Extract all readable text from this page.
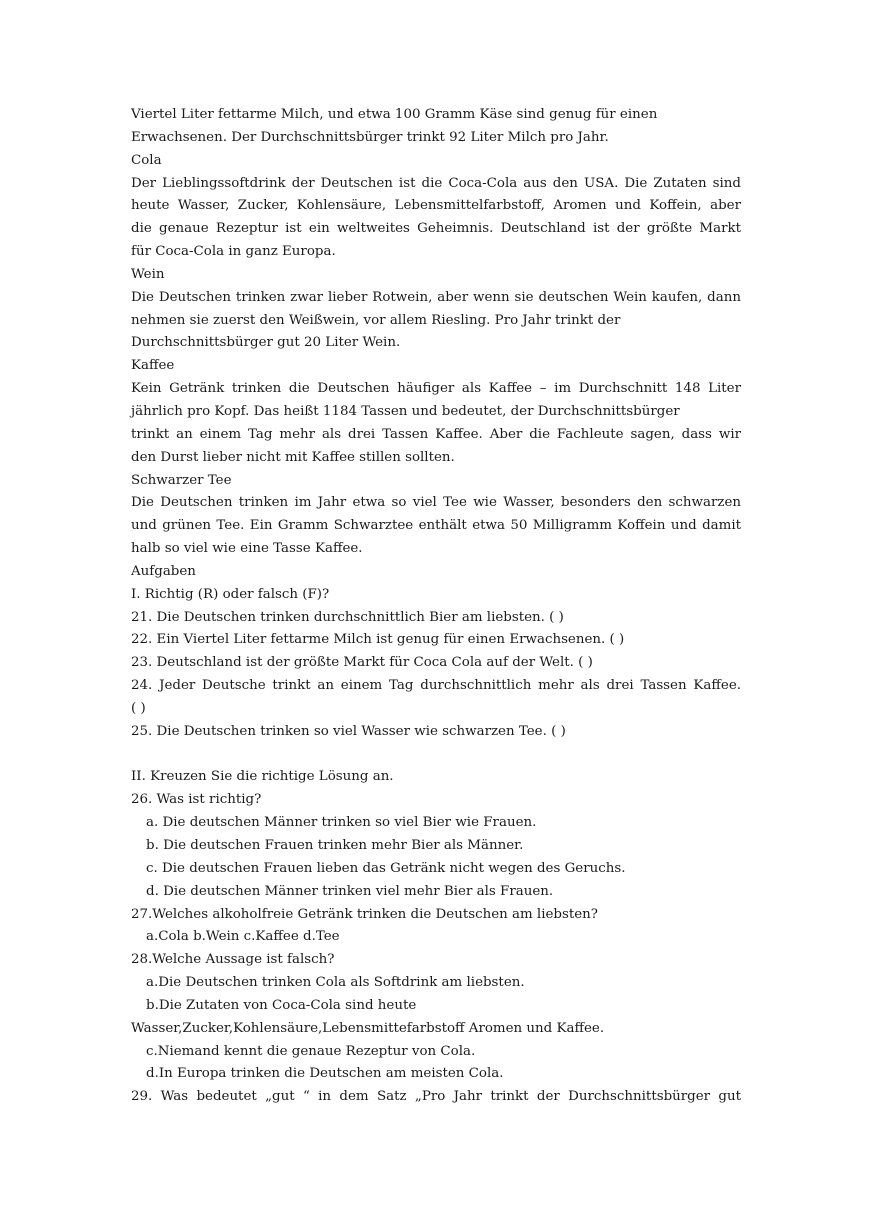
Viertel Liter fettarme Milch, und etwa 100 Gramm Käse sind genug für einen
Erwachsenen. Der Durchschnittsbürger trinkt 92 Liter Milch pro Jahr.
Cola
Der Lieblingssoftdrink der Deutschen ist die Coca-Cola aus den USA. Die Zutaten sind
heute Wasser, Zucker, Kohlensäure, Lebensmittelfarbstoff, Aromen und Koffein, aber
die genaue Rezeptur ist ein weltweites Geheimnis. Deutschland ist der größte Markt
für Coca-Cola in ganz Europa.
Wein
Die Deutschen trinken zwar lieber Rotwein, aber wenn sie deutschen Wein kaufen, dann
nehmen sie zuerst den Weißwein, vor allem Riesling. Pro Jahr trinkt der
Durchschnittsbürger gut 20 Liter Wein.
Kaffee
Kein Getränk trinken die Deutschen häufiger als Kaffee – im Durchschnitt 148 Liter
jährlich pro Kopf. Das heißt 1184 Tassen und bedeutet, der Durchschnittsbürger
trinkt an einem Tag mehr als drei Tassen Kaffee. Aber die Fachleute sagen, dass wir
den Durst lieber nicht mit Kaffee stillen sollten.
Schwarzer Tee
Die Deutschen trinken im Jahr etwa so viel Tee wie Wasser, besonders den schwarzen
und grünen Tee. Ein Gramm Schwarztee enthält etwa 50 Milligramm Koffein und damit
halb so viel wie eine Tasse Kaffee.
Aufgaben
I. Richtig (R) oder falsch (F)?
21. Die Deutschen trinken durchschnittlich Bier am liebsten. ( )
22. Ein Viertel Liter fettarme Milch ist genug für einen Erwachsenen. ( )
23. Deutschland ist der größte Markt für Coca Cola auf der Welt. ( )
24. Jeder Deutsche trinkt an einem Tag durchschnittlich mehr als drei Tassen Kaffee.
( )
25. Die Deutschen trinken so viel Wasser wie schwarzen Tee. ( )
II. Kreuzen Sie die richtige Lösung an.
26. Was ist richtig?
a. Die deutschen Männer trinken so viel Bier wie Frauen.
b. Die deutschen Frauen trinken mehr Bier als Männer.
c. Die deutschen Frauen lieben das Getränk nicht wegen des Geruchs.
d. Die deutschen Männer trinken viel mehr Bier als Frauen.
27.Welches alkoholfreie Getränk trinken die Deutschen am liebsten?
a.Cola b.Wein c.Kaffee d.Tee
28.Welche Aussage ist falsch?
a.Die Deutschen trinken Cola als Softdrink am liebsten.
b.Die Zutaten von Coca-Cola sind heute
Wasser,Zucker,Kohlensäure,Lebensmittefarbstoff Aromen und Kaffee.
c.Niemand kennt die genaue Rezeptur von Cola.
d.In Europa trinken die Deutschen am meisten Cola.
29. Was bedeutet „gut “ in dem Satz „Pro Jahr trinkt der Durchschnittsbürger gut
